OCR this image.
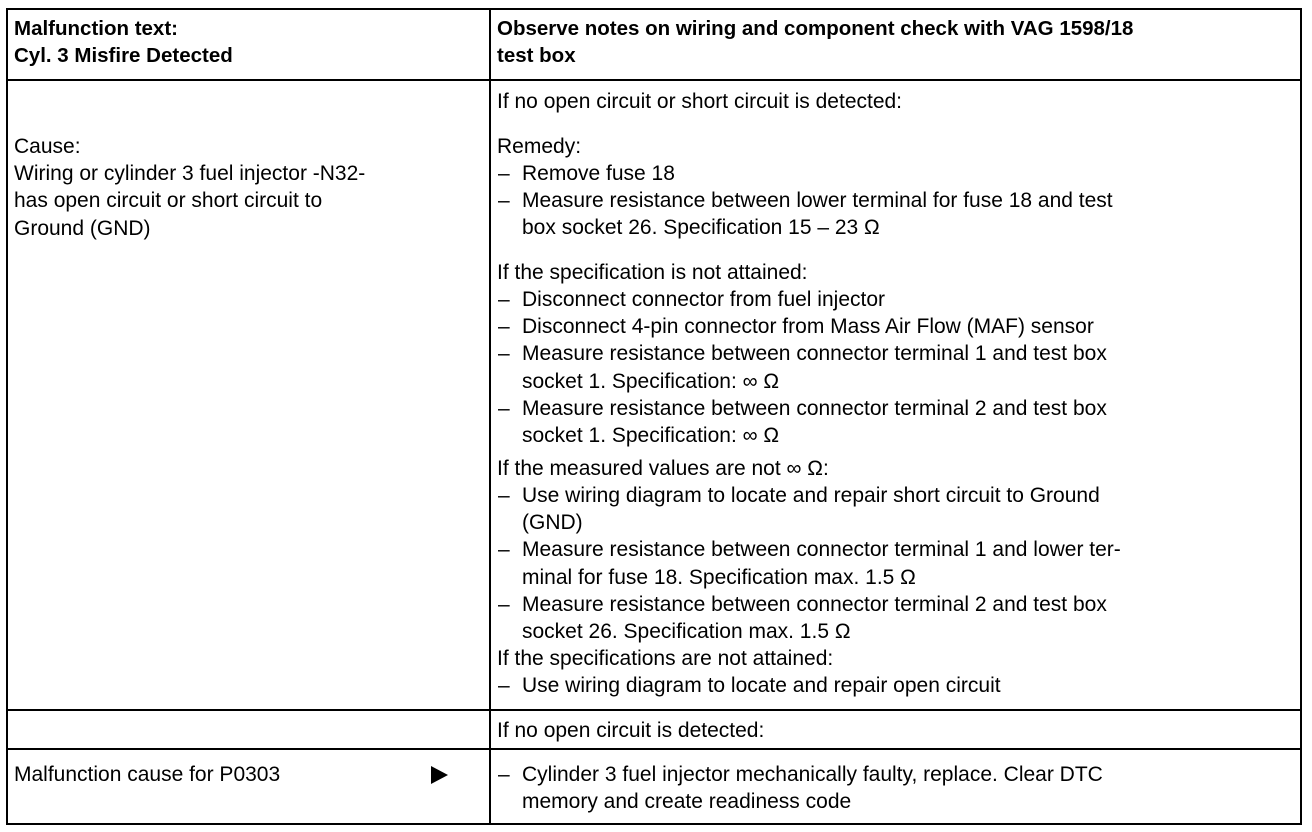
Malfunction text:
Cyl. 3 Misfire Detected
Observe notes on wiring and component check with VAG 1598/18
test box
Cause:
Wiring or cylinder 3 fuel injector -N32-
has open circuit or short circuit to
Ground (GND)
If no open circuit or short circuit is detected:
Remedy:
– Remove fuse 18
– Measure resistance between lower terminal for fuse 18 and test
box socket 26. Specification 15 – 23 Ω
If the specification is not attained:
– Disconnect connector from fuel injector
– Disconnect 4-pin connector from Mass Air Flow (MAF) sensor
– Measure resistance between connector terminal 1 and test box
socket 1. Specification: ∞ Ω
– Measure resistance between connector terminal 2 and test box
socket 1. Specification: ∞ Ω
If the measured values are not ∞ Ω:
– Use wiring diagram to locate and repair short circuit to Ground
(GND)
– Measure resistance between connector terminal 1 and lower ter-
minal for fuse 18. Specification max. 1.5 Ω
– Measure resistance between connector terminal 2 and test box
socket 26. Specification max. 1.5 Ω
If the specifications are not attained:
– Use wiring diagram to locate and repair open circuit
If no open circuit is detected:
Malfunction cause for P0303
–	Cylinder 3 fuel injector mechanically faulty, replace. Clear DTC
memory and create readiness code
